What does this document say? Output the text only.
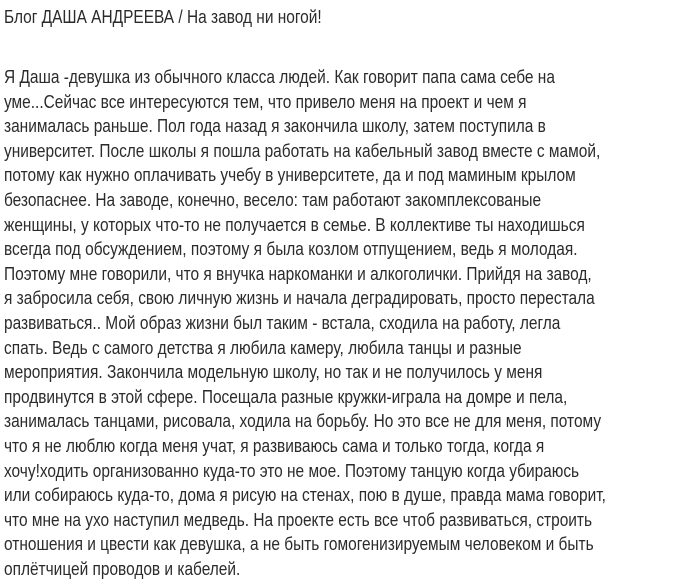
Блог ДАША АНДРЕЕВА / На завод ни ногой!
Я Даша -девушка из обычного класса людей. Как говорит папа сама себе на
уме...Сейчас все интересуются тем, что привело меня на проект и чем я
занималась раньше. Пол года назад я закончила школу, затем поступила в
университет. После школы я пошла работать на кабельный завод вместе с мамой,
потому как нужно оплачивать учебу в университете, да и под маминым крылом
безопаснее. На заводе, конечно, весело: там работают закомплексованые
женщины, у которых что-то не получается в семье. В коллективе ты находишься
всегда под обсуждением, поэтому я была козлом отпущением, ведь я молодая.
Поэтому мне говорили, что я внучка наркоманки и алкоголички. Прийдя на завод,
я забросила себя, свою личную жизнь и начала деградировать, просто перестала
развиваться.. Мой образ жизни был таким - встала, сходила на работу, легла
спать. Ведь с самого детства я любила камеру, любила танцы и разные
мероприятия. Закончила модельную школу, но так и не получилось у меня
продвинутся в этой сфере. Посещала разные кружки-играла на домре и пела,
занималась танцами, рисовала, ходила на борьбу. Но это все не для меня, потому
что я не люблю когда меня учат, я развиваюсь сама и только тогда, когда я
хочу!ходить организованно куда-то это не мое. Поэтому танцую когда убираюсь
или собираюсь куда-то, дома я рисую на стенах, пою в душе, правда мама говорит,
что мне на ухо наступил медведь. На проекте есть все чтоб развиваться, строить
отношения и цвести как девушка, а не быть гомогенизируемым человеком и быть
оплётчицей проводов и кабелей.
